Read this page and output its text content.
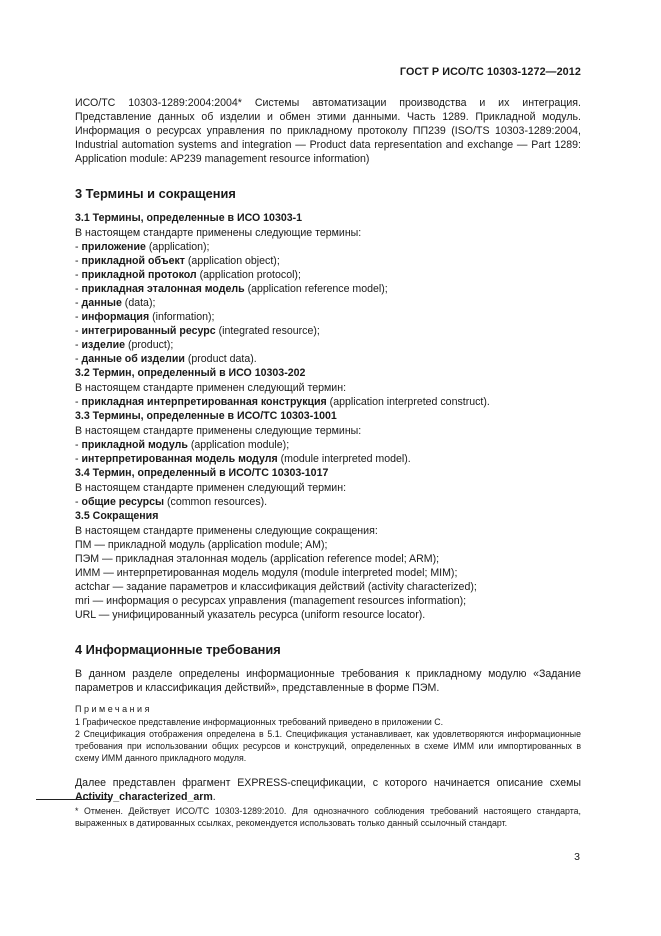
ГОСТ Р ИСО/ТС 10303-1272—2012

ИСО/ТС 10303-1289:2004:2004* Системы автоматизации производства и их интеграция. Представление данных об изделии и обмен этими данными. Часть 1289. Прикладной модуль. Информация о ресурсах управления по прикладному протоколу ПП239 (ISO/TS 10303-1289:2004, Industrial automation systems and integration — Product data representation and exchange — Part 1289: Application module: AP239 management resource information)

3 Термины и сокращения
3.1 Термины, определенные в ИСО 10303-1

В настоящем стандарте применены следующие термины:

- приложение (application);

- прикладной объект (application object);

- прикладной протокол (application protocol);

- прикладная эталонная модель (application reference model);

- данные (data);

- информация (information);

- интегрированный ресурс (integrated resource);

- изделие (product);

- данные об изделии (product data).

3.2 Термин, определенный в ИСО 10303-202

В настоящем стандарте применен следующий термин:

- прикладная интерпретированная конструкция (application interpreted construct).

3.3 Термины, определенные в ИСО/ТС 10303-1001

В настоящем стандарте применены следующие термины:

- прикладной модуль (application module);

- интерпретированная модель модуля (module interpreted model).

3.4 Термин, определенный в ИСО/ТС 10303-1017

В настоящем стандарте применен следующий термин:

- общие ресурсы (common resources).

3.5 Сокращения

В настоящем стандарте применены следующие сокращения:

ПМ — прикладной модуль (application module; AM);

ПЭМ — прикладная эталонная модель (application reference model; ARM);

ИММ — интерпретированная модель модуля (module interpreted model; MIM);

actchar — задание параметров и классификация действий (activity characterized);

mri — информация о ресурсах управления (management resources information);

URL — унифицированный указатель ресурса (uniform resource locator).

4 Информационные требования

В данном разделе определены информационные требования к прикладному модулю «Задание параметров и классификация действий», представленные в форме ПЭМ.

Примечания

1 Графическое представление информационных требований приведено в приложении С.

2 Спецификация отображения определена в 5.1. Спецификация устанавливает, как удовлетворяются информационные требования при использовании общих ресурсов и конструкций, определенных в схеме ИММ или импортированных в схему ИММ данного прикладного модуля.

Далее представлен фрагмент EXPRESS-спецификации, с которого начинается описание схемы Activity_characterized_arm.

* Отменен. Действует ИСО/ТС 10303-1289:2010. Для однозначного соблюдения требований настоящего стандарта, выраженных в датированных ссылках, рекомендуется использовать только данный ссылочный стандарт.
3
